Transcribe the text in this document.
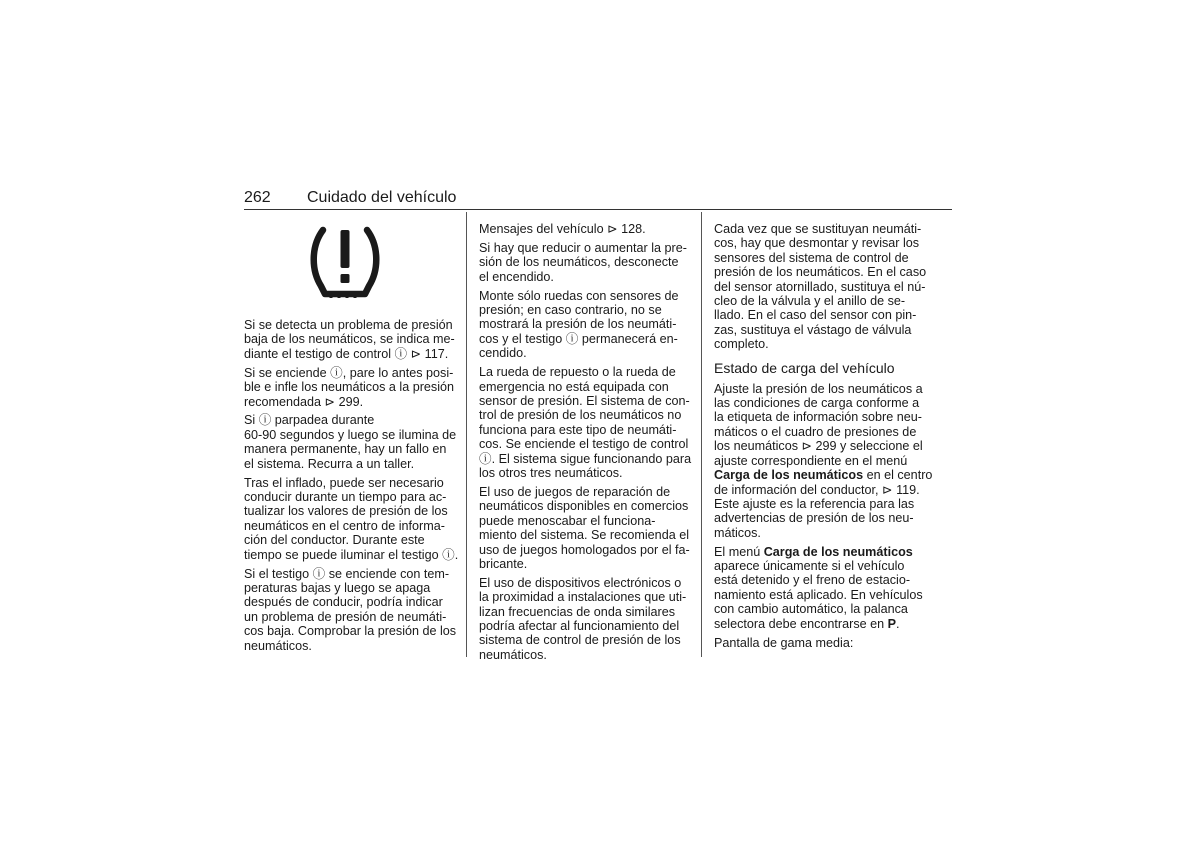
262 Cuidado del vehículo
Si se detecta un problema de presión
baja de los neumáticos, se indica me-
diante el testigo de control ⓘ ⊳ 117.
Si se enciende ⓘ, pare lo antes posi-
ble e infle los neumáticos a la presión
recomendada ⊳ 299.
Si ⓘ parpadea durante
60-90 segundos y luego se ilumina de
manera permanente, hay un fallo en
el sistema. Recurra a un taller.
Tras el inflado, puede ser necesario
conducir durante un tiempo para ac-
tualizar los valores de presión de los
neumáticos en el centro de informa-
ción del conductor. Durante este
tiempo se puede iluminar el testigo ⓘ.
Si el testigo ⓘ se enciende con tem-
peraturas bajas y luego se apaga
después de conducir, podría indicar
un problema de presión de neumáti-
cos baja. Comprobar la presión de los
neumáticos.
Mensajes del vehículo ⊳ 128.
Si hay que reducir o aumentar la pre-
sión de los neumáticos, desconecte
el encendido.
Monte sólo ruedas con sensores de
presión; en caso contrario, no se
mostrará la presión de los neumáti-
cos y el testigo ⓘ permanecerá en-
cendido.
La rueda de repuesto o la rueda de
emergencia no está equipada con
sensor de presión. El sistema de con-
trol de presión de los neumáticos no
funciona para este tipo de neumáti-
cos. Se enciende el testigo de control
ⓘ. El sistema sigue funcionando para
los otros tres neumáticos.
El uso de juegos de reparación de
neumáticos disponibles en comercios
puede menoscabar el funciona-
miento del sistema. Se recomienda el
uso de juegos homologados por el fa-
bricante.
El uso de dispositivos electrónicos o
la proximidad a instalaciones que uti-
lizan frecuencias de onda similares
podría afectar al funcionamiento del
sistema de control de presión de los
neumáticos.
Cada vez que se sustituyan neumáti-
cos, hay que desmontar y revisar los
sensores del sistema de control de
presión de los neumáticos. En el caso
del sensor atornillado, sustituya el nú-
cleo de la válvula y el anillo de se-
llado. En el caso del sensor con pin-
zas, sustituya el vástago de válvula
completo.
Estado de carga del vehículo
Ajuste la presión de los neumáticos a
las condiciones de carga conforme a
la etiqueta de información sobre neu-
máticos o el cuadro de presiones de
los neumáticos ⊳ 299 y seleccione el
ajuste correspondiente en el menú
Carga de los neumáticos en el centro
de información del conductor, ⊳ 119.
Este ajuste es la referencia para las
advertencias de presión de los neu-
máticos.
El menú Carga de los neumáticos
aparece únicamente si el vehículo
está detenido y el freno de estacio-
namiento está aplicado. En vehículos
con cambio automático, la palanca
selectora debe encontrarse en P.
Pantalla de gama media:
